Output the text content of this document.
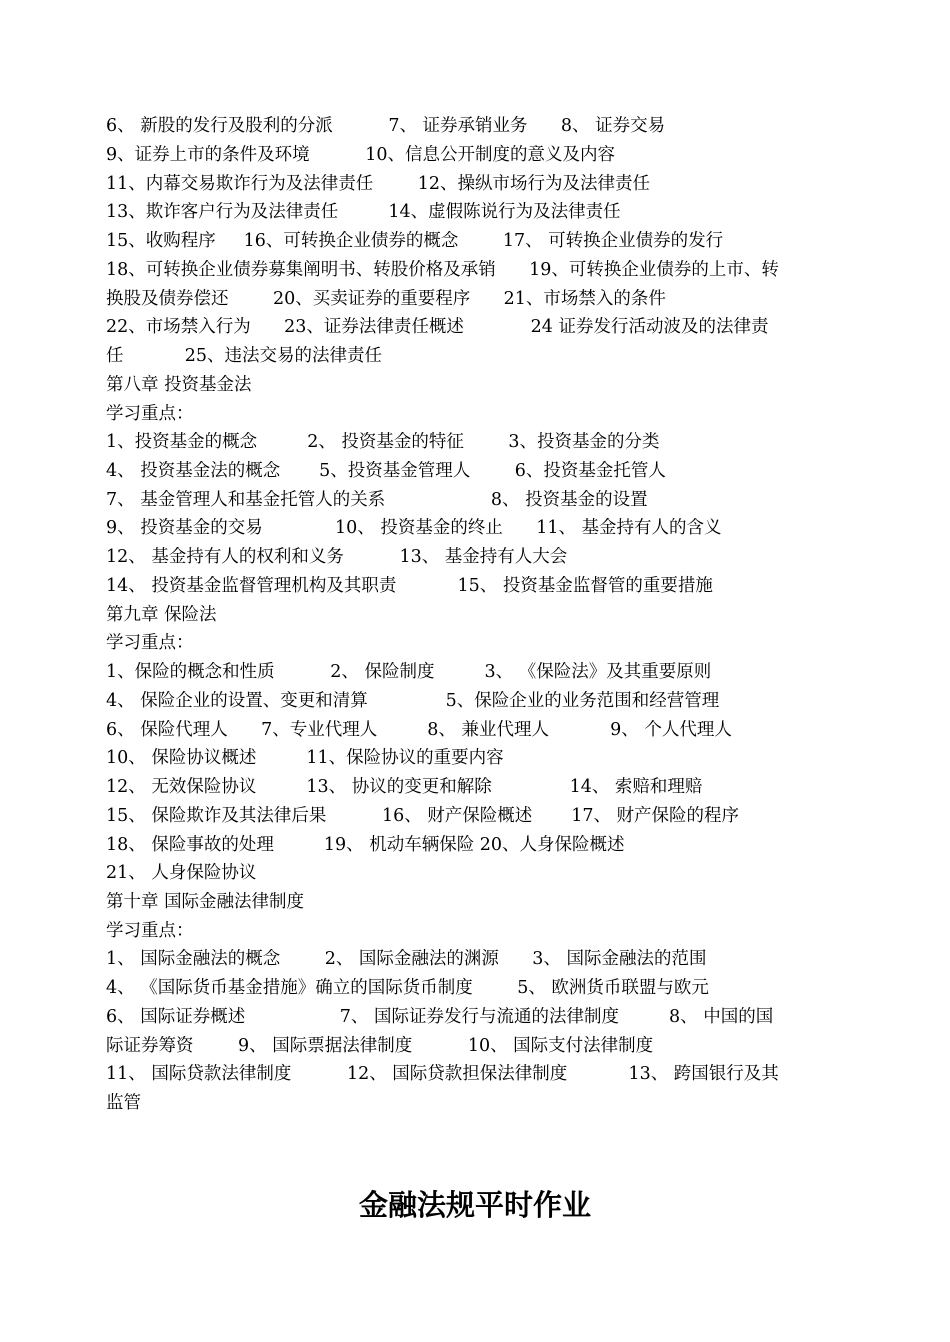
6、 新股的发行及股利的分派          7、 证券承销业务      8、 证券交易
9、证券上市的条件及环境          10、信息公开制度的意义及内容
11、内幕交易欺诈行为及法律责任        12、操纵市场行为及法律责任
13、欺诈客户行为及法律责任         14、虚假陈说行为及法律责任
15、收购程序     16、可转换企业债券的概念        17、 可转换企业债券的发行
18、可转换企业债券募集阐明书、转股价格及承销      19、可转换企业债券的上市、转
换股及债券偿还        20、买卖证券的重要程序      21、市场禁入的条件
22、市场禁入行为      23、证券法律责任概述            24 证券发行活动波及的法律责
任           25、违法交易的法律责任
第八章 投资基金法
学习重点：
1、投资基金的概念         2、 投资基金的特征        3、投资基金的分类
4、 投资基金法的概念       5、投资基金管理人        6、投资基金托管人
7、 基金管理人和基金托管人的关系                   8、 投资基金的设置
9、 投资基金的交易             10、 投资基金的终止      11、 基金持有人的含义
12、 基金持有人的权利和义务          13、 基金持有人大会
14、 投资基金监督管理机构及其职责           15、 投资基金监督管的重要措施
第九章 保险法
学习重点：
1、保险的概念和性质          2、 保险制度         3、 《保险法》及其重要原则
4、 保险企业的设置、变更和清算              5、保险企业的业务范围和经营管理
6、 保险代理人      7、专业代理人         8、 兼业代理人           9、 个人代理人
10、 保险协议概述         11、保险协议的重要内容
12、 无效保险协议         13、 协议的变更和解除              14、 索赔和理赔
15、 保险欺诈及其法律后果          16、 财产保险概述       17、 财产保险的程序
18、 保险事故的处理         19、 机动车辆保险 20、人身保险概述
21、 人身保险协议
第十章 国际金融法律制度
学习重点：
1、 国际金融法的概念        2、 国际金融法的渊源      3、 国际金融法的范围
4、 《国际货币基金措施》确立的国际货币制度        5、 欧洲货币联盟与欧元
6、 国际证券概述                 7、 国际证券发行与流通的法律制度         8、 中国的国
际证券筹资        9、 国际票据法律制度          10、 国际支付法律制度
11、 国际贷款法律制度          12、 国际贷款担保法律制度           13、 跨国银行及其
监管
金融法规平时作业
